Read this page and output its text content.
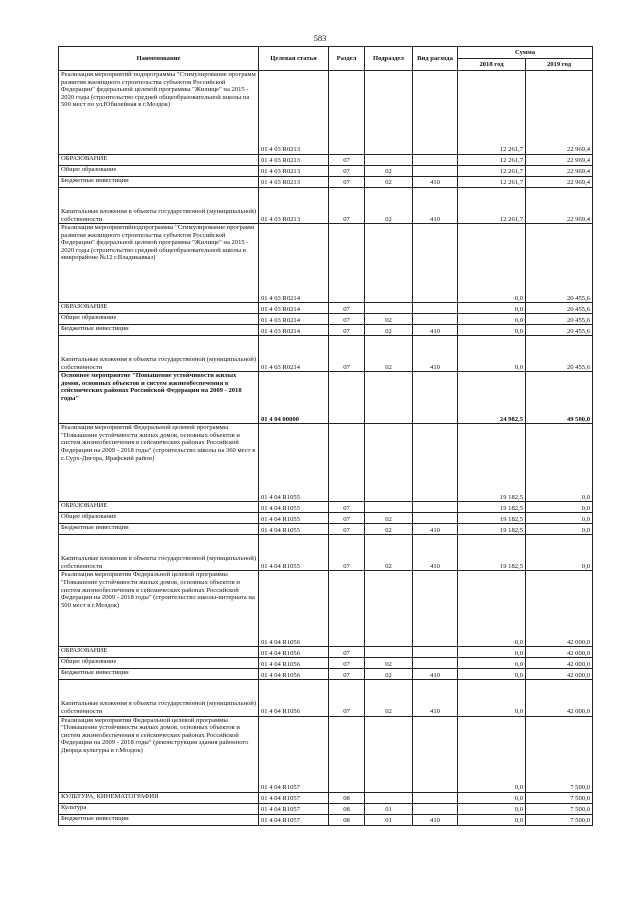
583
Наименование	Целевая статья	Раздел	Подраздел	Вид расхода	Сумма	
					2018 год	2019 год
Реализация мероприятий подпрограммы "Стимулирование программ развития жилищного строительства субъектов Российской Федерации" федеральной целевой программы "Жилище" на 2015 - 2020 годы (строительство средней общеобразовательной школы на 500 мест по ул.Юбилейная в г.Моздок)	01 4 03 R0213				12 261,7	22 969,4
ОБРАЗОВАНИЕ	01 4 03 R0213	07			12 261,7	22 969,4
Общее образование	01 4 03 R0213	07	02		12 261,7	22 969,4
Бюджетные инвестиции	01 4 03 R0213	07	02	410	12 261,7	22 969,4
Капитальные вложения в объекты государственной (муниципальной) собственности	01 4 03 R0213	07	02	410	12 261,7	22 969,4
Реализация мероприятийподпрограммы "Стимулирование программ развития жилищного строительства субъектов Российской Федерации" федеральной целевой программы "Жилище" на 2015 - 2020 годы (строительство средней общеобразовательной школы в микрорайоне №12 г.Владикавказ)	01 4 03 R0214				0,0	20 455,6
ОБРАЗОВАНИЕ	01 4 03 R0214	07			0,0	20 455,6
Общее образование	01 4 03 R0214	07	02		0,0	20 455,6
Бюджетные инвестиции	01 4 03 R0214	07	02	410	0,0	20 455,6
Капитальные вложения в объекты государственной (муниципальной) собственности	01 4 03 R0214	07	02	410	0,0	20 455,6
Основное мероприятие "Повышение устойчивости жилых домов, основных объектов и систем жизнеобеспечения в сейсмических районах Российской Федерации на 2009 - 2018 годы"	01 4 04 00000				24 982,5	49 500,0
Реализация мероприятий Федеральной целевой программы "Повышение устойчивости жилых домов, основных объектов и систем жизнеобеспечения в сейсмических районах Российской Федерации на 2009 - 2018 годы" (строительство школы на 360 мест в с.Сурх-Дигора, Ирафский район)	01 4 04 R1055				19 182,5	0,0
ОБРАЗОВАНИЕ	01 4 04 R1055	07			19 182,5	0,0
Общее образование	01 4 04 R1055	07	02		19 182,5	0,0
Бюджетные инвестиции	01 4 04 R1055	07	02	410	19 182,5	0,0
Капитальные вложения в объекты государственной (муниципальной) собственности	01 4 04 R1055	07	02	410	19 182,5	0,0
Реализация мероприятия Федеральной целевой программы "Повышение устойчивости жилых домов, основных объектов и систем жизнеобеспечения в сейсмических районах Российской Федерации на 2009 - 2018 годы" (строительство школы-интерната на 500 мест в г.Моздок)	01 4 04 R1056				0,0	42 000,0
ОБРАЗОВАНИЕ	01 4 04 R1056	07			0,0	42 000,0
Общее образование	01 4 04 R1056	07	02		0,0	42 000,0
Бюджетные инвестиции	01 4 04 R1056	07	02	410	0,0	42 000,0
Капитальные вложения в объекты государственной (муниципальной) собственности	01 4 04 R1056	07	02	410	0,0	42 000,0
Реализация мероприятия Федеральной целевой программы "Повышение устойчивости жилых домов, основных объектов и систем жизнеобеспечения в сейсмических районах Российской Федерации на 2009 - 2018 годы" (реконструкция здания районного Дворца культуры в г.Моздок)	01 4 04 R1057				0,0	7 500,0
КУЛЬТУРА, КИНЕМАТОГРАФИЯ	01 4 04 R1057	08			0,0	7 500,0
Культура	01 4 04 R1057	08	01		0,0	7 500,0
Бюджетные инвестиции	01 4 04 R1057	08	01	410	0,0	7 500,0
